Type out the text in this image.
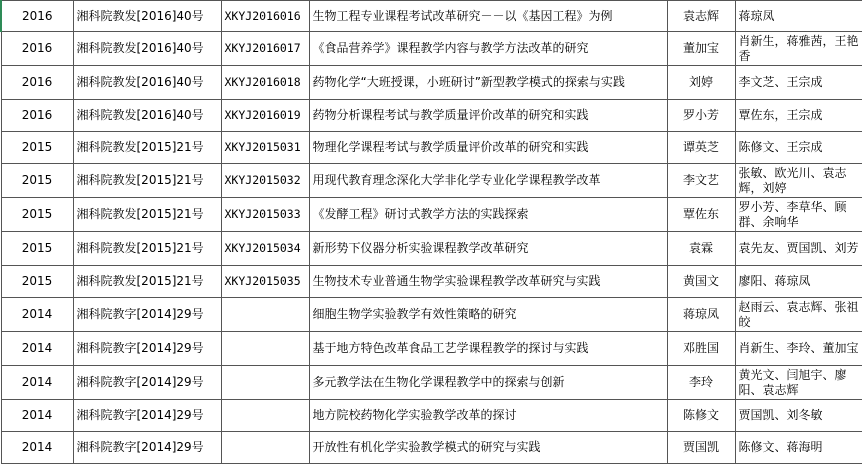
2016	湘科院教发[2016]40号	XKYJ2016016	生物工程专业课程考试改革研究－－以《基因工程》为例	袁志辉	蒋琼凤
2016	湘科院教发[2016]40号	XKYJ2016017	《食品营养学》课程教学内容与教学方法改革的研究	董加宝	肖新生，蒋雅茜，王艳香
2016	湘科院教发[2016]40号	XKYJ2016018	药物化学“大班授课，小班研讨”新型教学模式的探索与实践	刘婷	李文芝、王宗成
2016	湘科院教发[2016]40号	XKYJ2016019	药物分析课程考试与教学质量评价改革的研究和实践	罗小芳	覃佐东，王宗成
2015	湘科院教发[2015]21号	XKYJ2015031	物理化学课程考试与教学质量评价改革的研究和实践	谭英芝	陈修文、王宗成
2015	湘科院教发[2015]21号	XKYJ2015032	用现代教育理念深化大学非化学专业化学课程教学改革	李文艺	张敏、欧光川、袁志辉，刘婷
2015	湘科院教发[2015]21号	XKYJ2015033	《发酵工程》研讨式教学方法的实践探索	覃佐东	罗小芳、李草华、顾群、余响华
2015	湘科院教发[2015]21号	XKYJ2015034	新形势下仪器分析实验课程教学改革研究	袁霖	袁先友、贾国凯、刘芳
2015	湘科院教发[2015]21号	XKYJ2015035	生物技术专业普通生物学实验课程教学改革研究与实践	黄国文	廖阳、蒋琼凤
2014	湘科院教字[2014]29号		细胞生物学实验教学有效性策略的研究	蒋琼凤	赵雨云、袁志辉、张祖皎
2014	湘科院教字[2014]29号		基于地方特色改革食品工艺学课程教学的探讨与实践	邓胜国	肖新生、李玲、董加宝
2014	湘科院教字[2014]29号		多元教学法在生物化学课程教学中的探索与创新	李玲	黄光文、闫旭宇、廖阳、袁志辉
2014	湘科院教字[2014]29号		地方院校药物化学实验教学改革的探讨	陈修文	贾国凯、刘冬敏
2014	湘科院教字[2014]29号		开放性有机化学实验教学模式的研究与实践	贾国凯	陈修文、蒋海明
